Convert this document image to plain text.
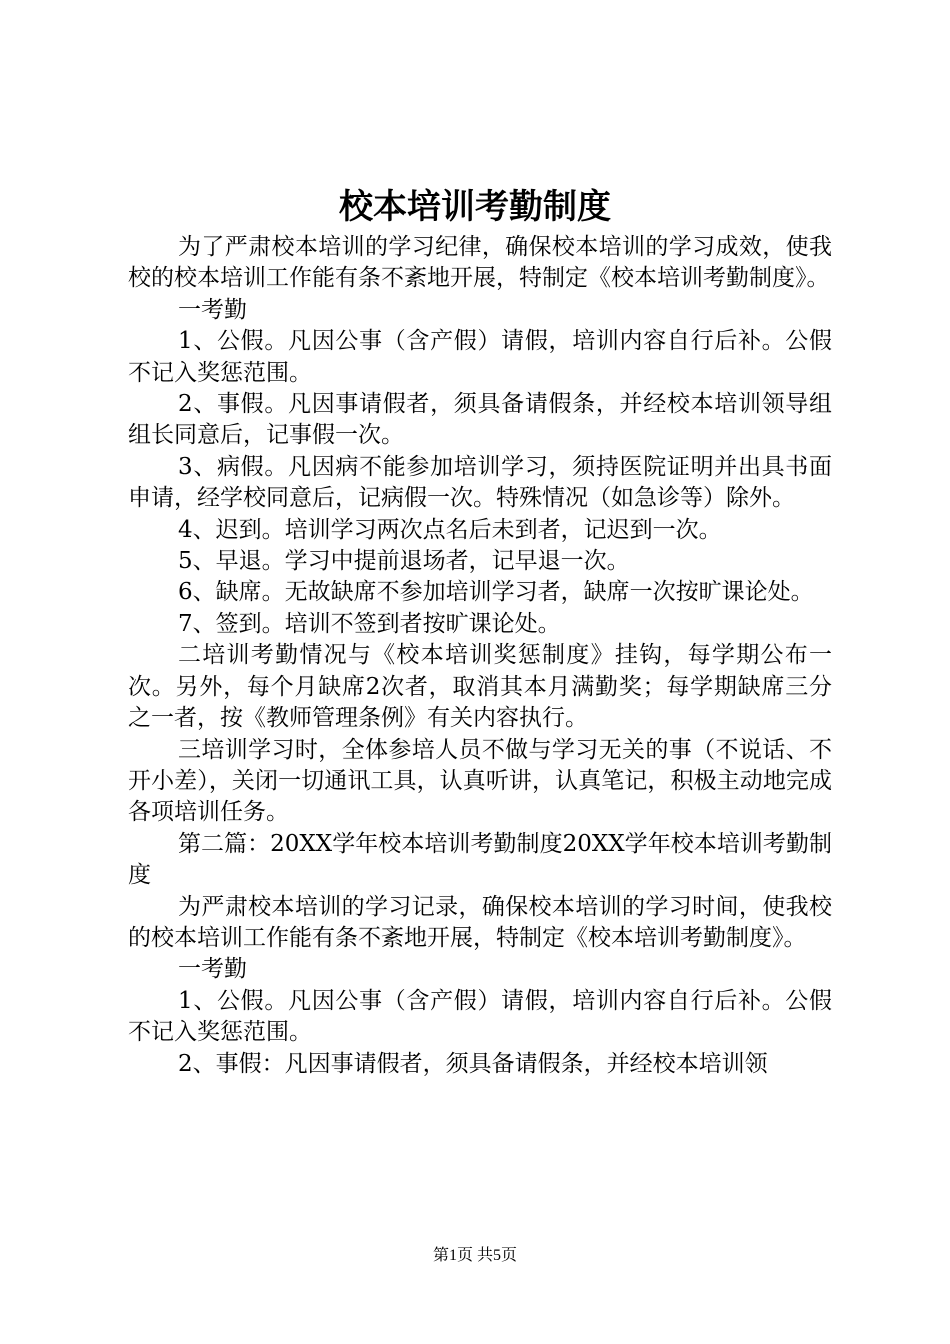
校本培训考勤制度

为了严肃校本培训的学习纪律，确保校本培训的学习成效，使我校的校本培训工作能有条不紊地开展，特制定《校本培训考勤制度》。

一考勤

1、公假。凡因公事（含产假）请假，培训内容自行后补。公假不记入奖惩范围。

2、事假。凡因事请假者，须具备请假条，并经校本培训领导组组长同意后，记事假一次。

3、病假。凡因病不能参加培训学习，须持医院证明并出具书面申请，经学校同意后，记病假一次。特殊情况（如急诊等）除外。

4、迟到。培训学习两次点名后未到者，记迟到一次。

5、早退。学习中提前退场者，记早退一次。

6、缺席。无故缺席不参加培训学习者，缺席一次按旷课论处。

7、签到。培训不签到者按旷课论处。

二培训考勤情况与《校本培训奖惩制度》挂钩，每学期公布一次。另外，每个月缺席2次者，取消其本月满勤奖；每学期缺席三分之一者，按《教师管理条例》有关内容执行。

三培训学习时，全体参培人员不做与学习无关的事（不说话、不开小差），关闭一切通讯工具，认真听讲，认真笔记，积极主动地完成各项培训任务。

第二篇：20XX学年校本培训考勤制度20XX学年校本培训考勤制度

为严肃校本培训的学习记录，确保校本培训的学习时间，使我校的校本培训工作能有条不紊地开展，特制定《校本培训考勤制度》。

一考勤

1、公假。凡因公事（含产假）请假，培训内容自行后补。公假不记入奖惩范围。

2、事假：凡因事请假者，须具备请假条，并经校本培训领

第1页 共5页
